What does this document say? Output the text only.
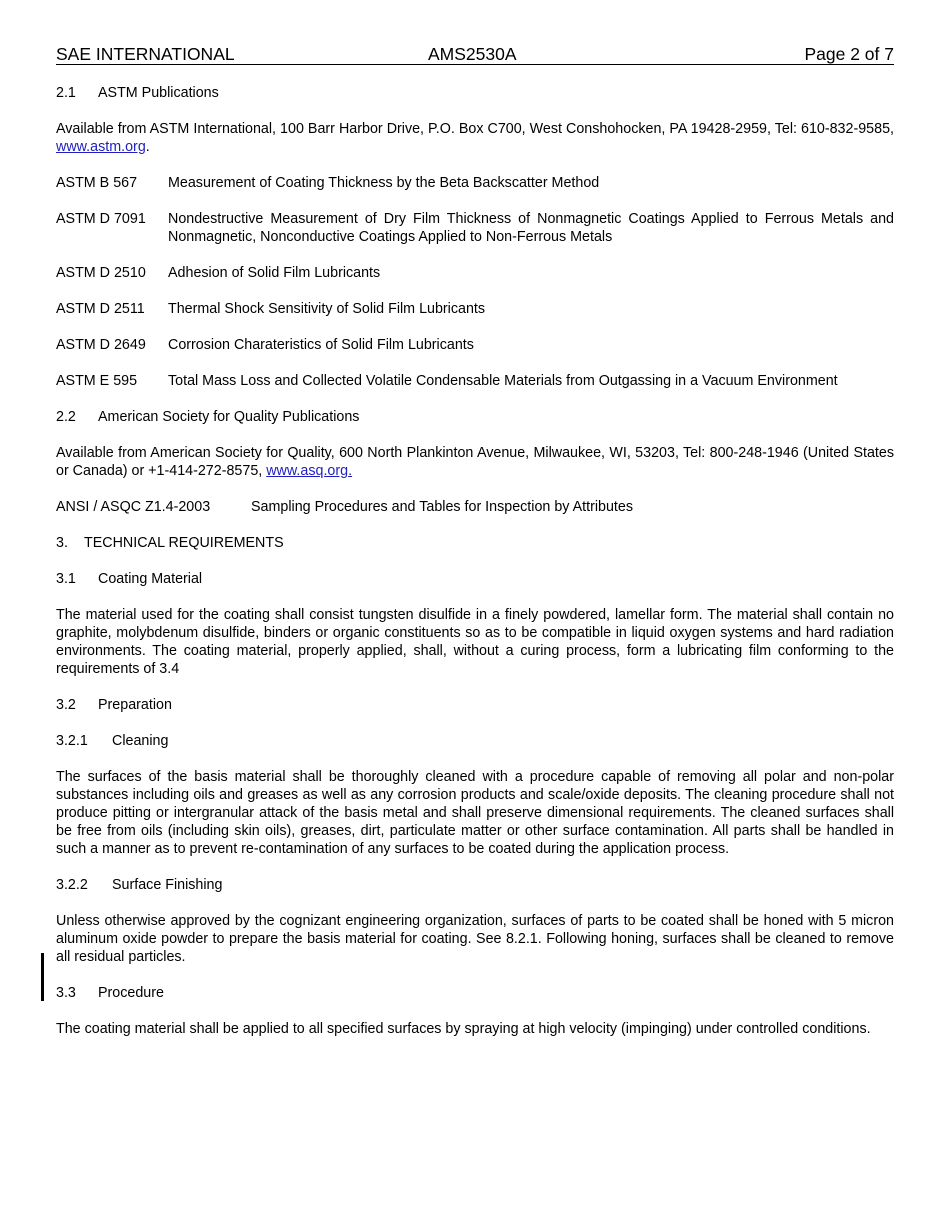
SAE INTERNATIONAL	AMS2530A	Page 2 of 7
2.1 ASTM Publications

Available from ASTM International, 100 Barr Harbor Drive, P.O. Box C700, West Conshohocken, PA 19428-2959, Tel: 610-832-9585, www.astm.org.

ASTM B 567	Measurement of Coating Thickness by the Beta Backscatter Method
ASTM D 7091	Nondestructive Measurement of Dry Film Thickness of Nonmagnetic Coatings Applied to Ferrous Metals and Nonmagnetic, Nonconductive Coatings Applied to Non-Ferrous Metals
ASTM D 2510	Adhesion of Solid Film Lubricants
ASTM D 2511	Thermal Shock Sensitivity of Solid Film Lubricants
ASTM D 2649	Corrosion Charateristics of Solid Film Lubricants
ASTM E 595	Total Mass Loss and Collected Volatile Condensable Materials from Outgassing in a Vacuum Environment
2.2 American Society for Quality Publications

Available from American Society for Quality, 600 North Plankinton Avenue, Milwaukee, WI, 53203, Tel: 800-248-1946 (United States or Canada) or +1-414-272-8575, www.asq.org.

ANSI / ASQC Z1.4-2003	Sampling Procedures and Tables for Inspection by Attributes
3. TECHNICAL REQUIREMENTS
3.1 Coating Material

The material used for the coating shall consist tungsten disulfide in a finely powdered, lamellar form. The material shall contain no graphite, molybdenum disulfide, binders or organic constituents so as to be compatible in liquid oxygen systems and hard radiation environments. The coating material, properly applied, shall, without a curing process, form a lubricating film conforming to the requirements of 3.4

3.2 Preparation
3.2.1 Cleaning

The surfaces of the basis material shall be thoroughly cleaned with a procedure capable of removing all polar and non-polar substances including oils and greases as well as any corrosion products and scale/oxide deposits. The cleaning procedure shall not produce pitting or intergranular attack of the basis metal and shall preserve dimensional requirements. The cleaned surfaces shall be free from oils (including skin oils), greases, dirt, particulate matter or other surface contamination. All parts shall be handled in such a manner as to prevent re-contamination of any surfaces to be coated during the application process.

3.2.2 Surface Finishing

Unless otherwise approved by the cognizant engineering organization, surfaces of parts to be coated shall be honed with 5 micron aluminum oxide powder to prepare the basis material for coating. See 8.2.1. Following honing, surfaces shall be cleaned to remove all residual particles.

3.3 Procedure

The coating material shall be applied to all specified surfaces by spraying at high velocity (impinging) under controlled conditions.
